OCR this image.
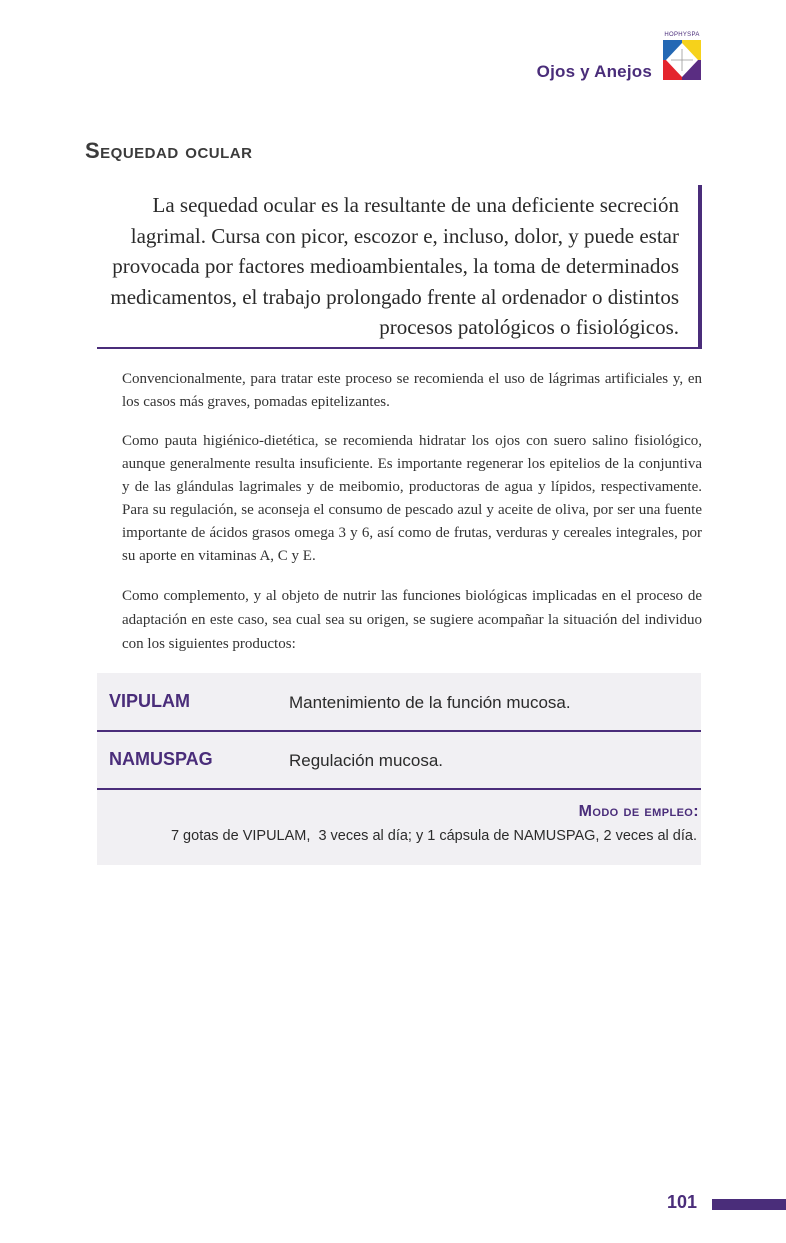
Ojos y Anejos
HOPHYSPA
Sequedad ocular
La sequedad ocular es la resultante de una deficiente secreción lagrimal. Cursa con picor, escozor e, incluso, dolor, y puede estar provocada por factores medioambientales, la toma de determinados medicamentos, el trabajo prolongado frente al ordenador o distintos procesos patológicos o fisiológicos.

Convencionalmente, para tratar este proceso se recomienda el uso de lágrimas artificiales y, en los casos más graves, pomadas epitelizantes.

Como pauta higiénico-dietética, se recomienda hidratar los ojos con suero salino fisiológico, aunque generalmente resulta insuficiente. Es importante regenerar los epitelios de la conjuntiva y de las glándulas lagrimales y de meibomio, productoras de agua y lípidos, respectivamente. Para su regulación, se aconseja el consumo de pescado azul y aceite de oliva, por ser una fuente importante de ácidos grasos omega 3 y 6, así como de frutas, verduras y cereales integrales, por su aporte en vitaminas A, C y E.

Como complemento, y al objeto de nutrir las funciones biológicas implicadas en el proceso de adaptación en este caso, sea cual sea su origen, se sugiere acompañar la situación del individuo con los siguientes productos:

VIPULAM	Mantenimiento de la función mucosa.
NAMUSPAG	Regulación mucosa.
Modo de empleo:
7 gotas de VIPULAM,  3 veces al día; y 1 cápsula de NAMUSPAG, 2 veces al día.
101
